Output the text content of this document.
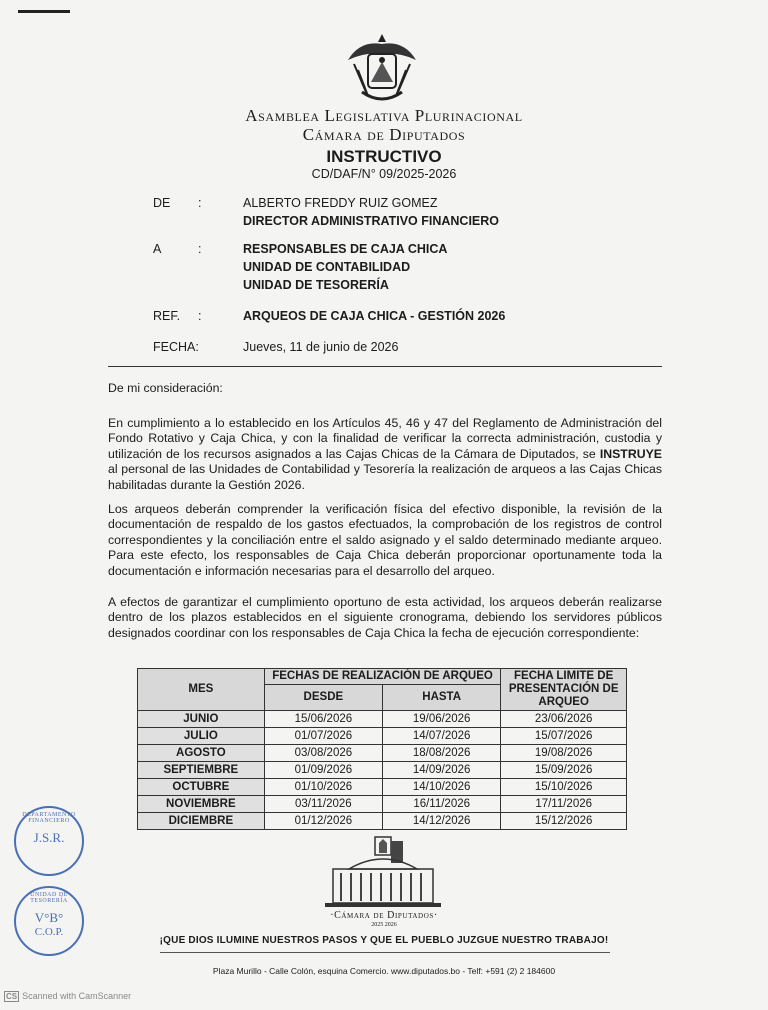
Asamblea Legislativa Plurinacional
Cámara de Diputados
INSTRUCTIVO
CD/DAF/N° 09/2025-2026
DE	:	ALBERTO FREDDY RUIZ GOMEZ
DIRECTOR ADMINISTRATIVO FINANCIERO
A	:	RESPONSABLES DE CAJA CHICA
UNIDAD DE CONTABILIDAD
UNIDAD DE TESORERÍA
REF.	:	ARQUEOS DE CAJA CHICA - GESTIÓN 2026
FECHA:	Jueves, 11 de junio de 2026
De mi consideración:
En cumplimiento a lo establecido en los Artículos 45, 46 y 47 del Reglamento de Administración del Fondo Rotativo y Caja Chica, y con la finalidad de verificar la correcta administración, custodia y utilización de los recursos asignados a las Cajas Chicas de la Cámara de Diputados, se INSTRUYE al personal de las Unidades de Contabilidad y Tesorería la realización de arqueos a las Cajas Chicas habilitadas durante la Gestión 2026.
Los arqueos deberán comprender la verificación física del efectivo disponible, la revisión de la documentación de respaldo de los gastos efectuados, la comprobación de los registros de control correspondientes y la conciliación entre el saldo asignado y el saldo determinado mediante arqueo. Para este efecto, los responsables de Caja Chica deberán proporcionar oportunamente toda la documentación e información necesarias para el desarrollo del arqueo.
A efectos de garantizar el cumplimiento oportuno de esta actividad, los arqueos deberán realizarse dentro de los plazos establecidos en el siguiente cronograma, debiendo los servidores públicos designados coordinar con los responsables de Caja Chica la fecha de ejecución correspondiente:
MES	FECHAS DE REALIZACIÓN DE ARQUEO		FECHA LIMITE DE PRESENTACIÓN DE ARQUEO
	DESDE	HASTA	
JUNIO	15/06/2026	19/06/2026	23/06/2026
JULIO	01/07/2026	14/07/2026	15/07/2026
AGOSTO	03/08/2026	18/08/2026	19/08/2026
SEPTIEMBRE	01/09/2026	14/09/2026	15/09/2026
OCTUBRE	01/10/2026	14/10/2026	15/10/2026
NOVIEMBRE	03/11/2026	16/11/2026	17/11/2026
DICIEMBRE	01/12/2026	14/12/2026	15/12/2026
DEPARTAMENTO FINANCIERO
J.S.R.
UNIDAD DE TESORERÍA
V°B°
C.O.P.
·Cámara de Diputados·
2025 2026
¡QUE DIOS ILUMINE NUESTROS PASOS Y QUE EL PUEBLO JUZGUE NUESTRO TRABAJO!
Plaza Murillo - Calle Colón, esquina Comercio. www.diputados.bo - Telf: +591 (2) 2 184600
CS Scanned with CamScanner
